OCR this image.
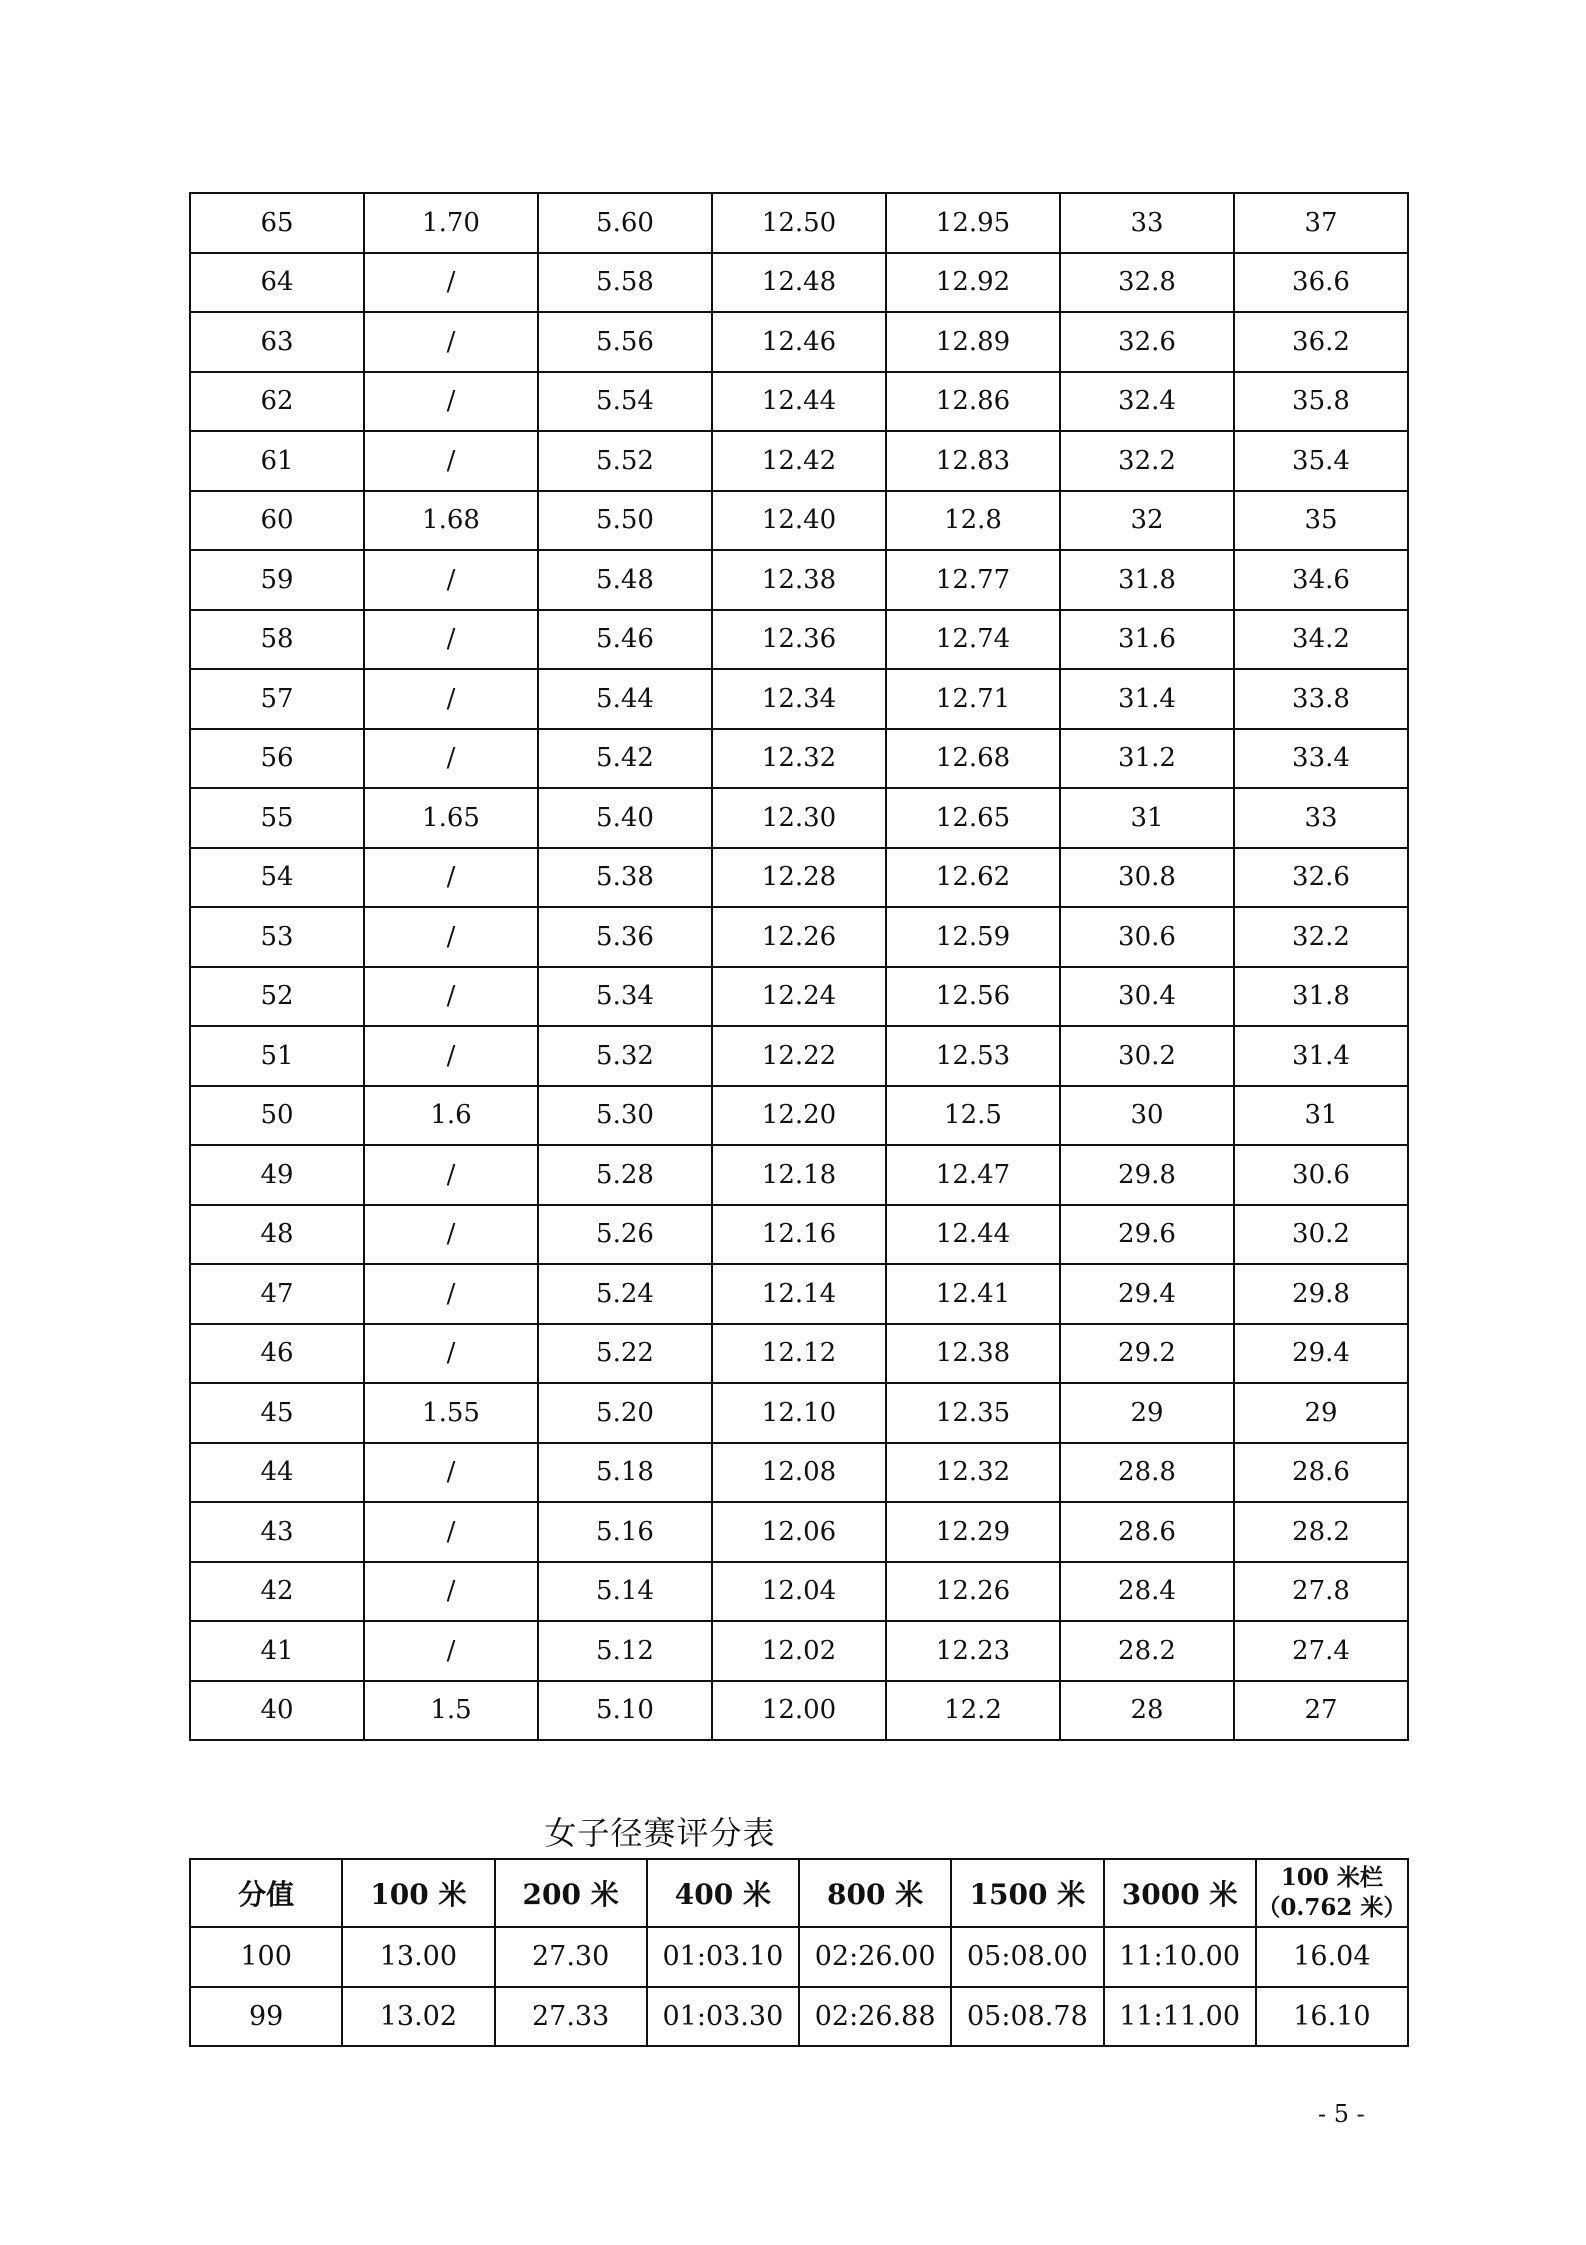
65	1.70	5.60	12.50	12.95	33	37
64	/	5.58	12.48	12.92	32.8	36.6
63	/	5.56	12.46	12.89	32.6	36.2
62	/	5.54	12.44	12.86	32.4	35.8
61	/	5.52	12.42	12.83	32.2	35.4
60	1.68	5.50	12.40	12.8	32	35
59	/	5.48	12.38	12.77	31.8	34.6
58	/	5.46	12.36	12.74	31.6	34.2
57	/	5.44	12.34	12.71	31.4	33.8
56	/	5.42	12.32	12.68	31.2	33.4
55	1.65	5.40	12.30	12.65	31	33
54	/	5.38	12.28	12.62	30.8	32.6
53	/	5.36	12.26	12.59	30.6	32.2
52	/	5.34	12.24	12.56	30.4	31.8
51	/	5.32	12.22	12.53	30.2	31.4
50	1.6	5.30	12.20	12.5	30	31
49	/	5.28	12.18	12.47	29.8	30.6
48	/	5.26	12.16	12.44	29.6	30.2
47	/	5.24	12.14	12.41	29.4	29.8
46	/	5.22	12.12	12.38	29.2	29.4
45	1.55	5.20	12.10	12.35	29	29
44	/	5.18	12.08	12.32	28.8	28.6
43	/	5.16	12.06	12.29	28.6	28.2
42	/	5.14	12.04	12.26	28.4	27.8
41	/	5.12	12.02	12.23	28.2	27.4
40	1.5	5.10	12.00	12.2	28	27
女子径赛评分表
分值	100 米	200 米	400 米	800 米	1500 米	3000 米	100 米栏
（0.762 米）

100	13.00	27.30	01:03.10	02:26.00	05:08.00	11:10.00	16.04
99	13.02	27.33	01:03.30	02:26.88	05:08.78	11:11.00	16.10
- 5 -
